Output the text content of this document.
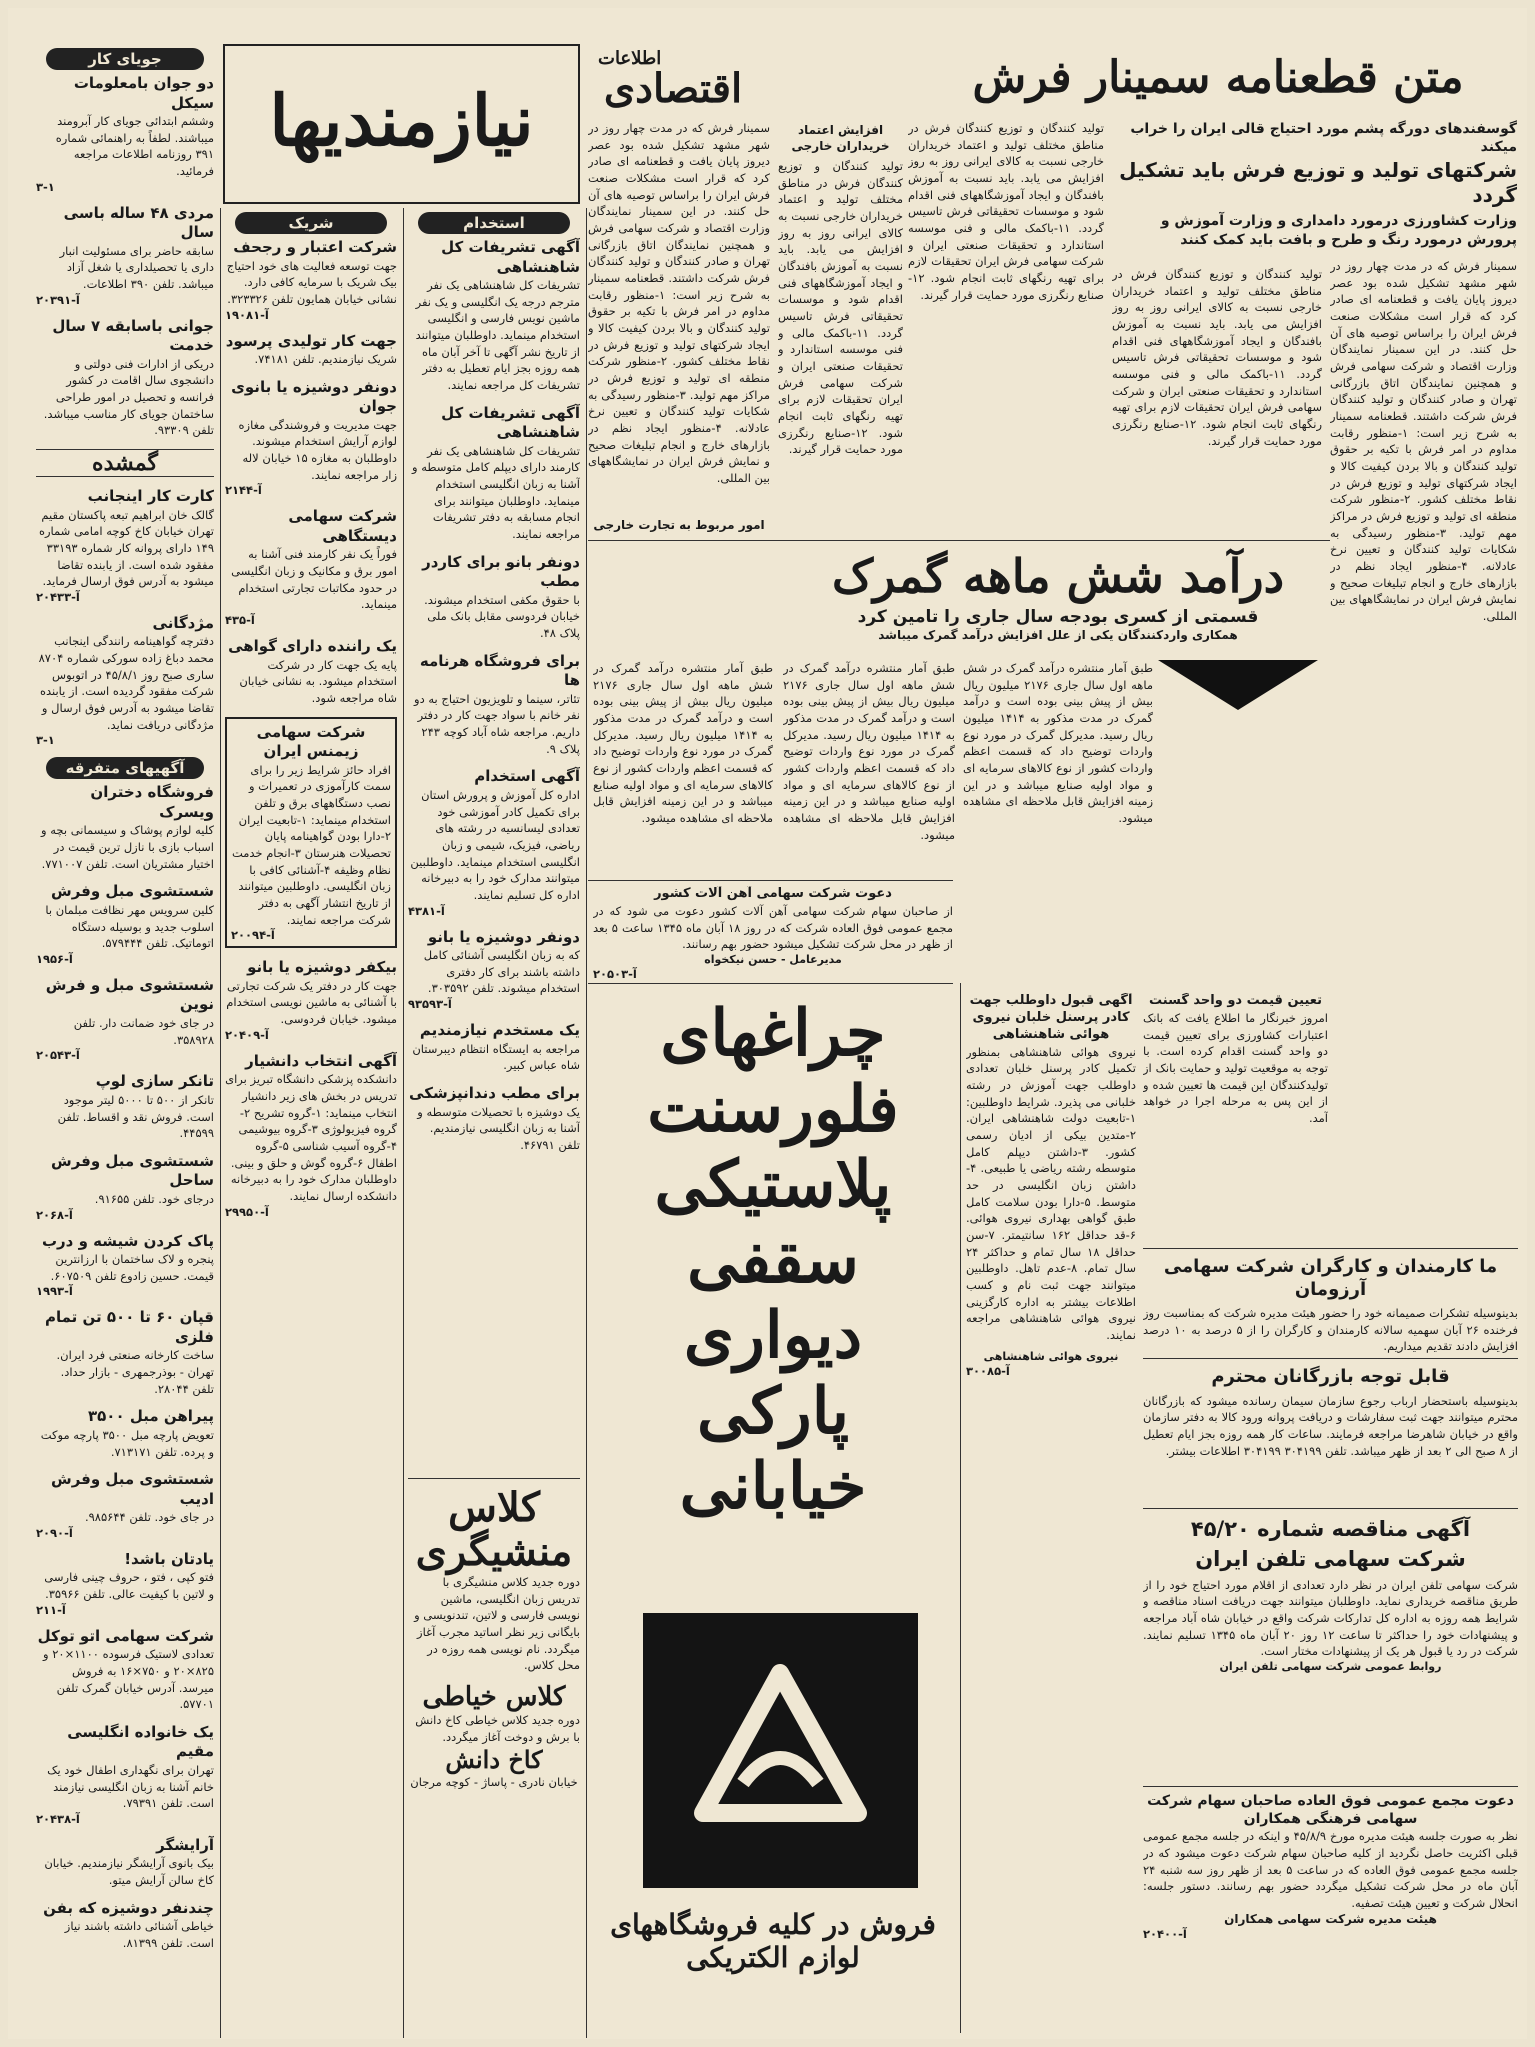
متن قطعنامه سمینار فرش
گوسفندهای دورگه پشم مورد احتیاج قالی ایران را خراب میکند
شرکتهای تولید و توزیع فرش باید تشکیل گردد
وزارت کشاورزی درمورد دامداری و وزارت آموزش و پرورش درمورد رنگ و طرح و بافت باید کمک کنند
سمینار فرش که در مدت چهار روز در شهر مشهد تشکیل شده بود عصر دیروز پایان یافت و قطعنامه ای صادر کرد که قرار است مشکلات صنعت فرش ایران را براساس توصیه های آن حل کنند. در این سمینار نمایندگان وزارت اقتصاد و شرکت سهامی فرش و همچنین نمایندگان اتاق بازرگانی تهران و صادر کنندگان و تولید کنندگان فرش شرکت داشتند. قطعنامه سمینار به شرح زیر است: ۱-منظور رقابت مداوم در امر فرش با تکیه بر حقوق تولید کنندگان و بالا بردن کیفیت کالا و ایجاد شرکتهای تولید و توزیع فرش در نقاط مختلف کشور. ۲-منظور شرکت منطقه ای تولید و توزیع فرش در مراکز مهم تولید. ۳-منظور رسیدگی به شکایات تولید کنندگان و تعیین نرخ عادلانه. ۴-منظور ایجاد نظم در بازارهای خارج و انجام تبلیغات صحیح و نمایش فرش ایران در نمایشگاههای بین المللی.
تولید کنندگان و توزیع کنندگان فرش در مناطق مختلف تولید و اعتماد خریداران خارجی نسبت به کالای ایرانی روز به روز افزایش می یابد. باید نسبت به آموزش بافندگان و ایجاد آموزشگاههای فنی اقدام شود و موسسات تحقیقاتی فرش تاسیس گردد. ۱۱-باکمک مالی و فنی موسسه استاندارد و تحقیقات صنعتی ایران و شرکت سهامی فرش ایران تحقیقات لازم برای تهیه رنگهای ثابت انجام شود. ۱۲-صنایع رنگرزی مورد حمایت قرار گیرند.
تولید کنندگان و توزیع کنندگان فرش در مناطق مختلف تولید و اعتماد خریداران خارجی نسبت به کالای ایرانی روز به روز افزایش می یابد. باید نسبت به آموزش بافندگان و ایجاد آموزشگاههای فنی اقدام شود و موسسات تحقیقاتی فرش تاسیس گردد. ۱۱-باکمک مالی و فنی موسسه استاندارد و تحقیقات صنعتی ایران و شرکت سهامی فرش ایران تحقیقات لازم برای تهیه رنگهای ثابت انجام شود. ۱۲-صنایع رنگرزی مورد حمایت قرار گیرند.
افزایش اعتماد خریداران خارجی
تولید کنندگان و توزیع کنندگان فرش در مناطق مختلف تولید و اعتماد خریداران خارجی نسبت به کالای ایرانی روز به روز افزایش می یابد. باید نسبت به آموزش بافندگان و ایجاد آموزشگاههای فنی اقدام شود و موسسات تحقیقاتی فرش تاسیس گردد. ۱۱-باکمک مالی و فنی موسسه استاندارد و تحقیقات صنعتی ایران و شرکت سهامی فرش ایران تحقیقات لازم برای تهیه رنگهای ثابت انجام شود. ۱۲-صنایع رنگرزی مورد حمایت قرار گیرند.
سمینار فرش که در مدت چهار روز در شهر مشهد تشکیل شده بود عصر دیروز پایان یافت و قطعنامه ای صادر کرد که قرار است مشکلات صنعت فرش ایران را براساس توصیه های آن حل کنند. در این سمینار نمایندگان وزارت اقتصاد و شرکت سهامی فرش و همچنین نمایندگان اتاق بازرگانی تهران و صادر کنندگان و تولید کنندگان فرش شرکت داشتند. قطعنامه سمینار به شرح زیر است: ۱-منظور رقابت مداوم در امر فرش با تکیه بر حقوق تولید کنندگان و بالا بردن کیفیت کالا و ایجاد شرکتهای تولید و توزیع فرش در نقاط مختلف کشور. ۲-منظور شرکت منطقه ای تولید و توزیع فرش در مراکز مهم تولید. ۳-منظور رسیدگی به شکایات تولید کنندگان و تعیین نرخ عادلانه. ۴-منظور ایجاد نظم در بازارهای خارج و انجام تبلیغات صحیح و نمایش فرش ایران در نمایشگاههای بین المللی.
امور مربوط به تجارت خارجی
اطلاعات
اقتصادی
نیازمندیها
درآمد شش ماهه گمرک
قسمتی از کسری بودجه سال جاری را تامین کرد
همکاری واردکنندگان یکی از علل افزایش درآمد گمرک میباشد
طبق آمار منتشره درآمد گمرک در شش ماهه اول سال جاری ۲۱۷۶ میلیون ریال بیش از پیش بینی بوده است و درآمد گمرک در مدت مذکور به ۱۴۱۴ میلیون ریال رسید. مدیرکل گمرک در مورد نوع واردات توضیح داد که قسمت اعظم واردات کشور از نوع کالاهای سرمایه ای و مواد اولیه صنایع میباشد و در این زمینه افزایش قابل ملاحظه ای مشاهده میشود.
طبق آمار منتشره درآمد گمرک در شش ماهه اول سال جاری ۲۱۷۶ میلیون ریال بیش از پیش بینی بوده است و درآمد گمرک در مدت مذکور به ۱۴۱۴ میلیون ریال رسید. مدیرکل گمرک در مورد نوع واردات توضیح داد که قسمت اعظم واردات کشور از نوع کالاهای سرمایه ای و مواد اولیه صنایع میباشد و در این زمینه افزایش قابل ملاحظه ای مشاهده میشود.
طبق آمار منتشره درآمد گمرک در شش ماهه اول سال جاری ۲۱۷۶ میلیون ریال بیش از پیش بینی بوده است و درآمد گمرک در مدت مذکور به ۱۴۱۴ میلیون ریال رسید. مدیرکل گمرک در مورد نوع واردات توضیح داد که قسمت اعظم واردات کشور از نوع کالاهای سرمایه ای و مواد اولیه صنایع میباشد و در این زمینه افزایش قابل ملاحظه ای مشاهده میشود.
دعوت شرکت سهامی آهن آلات کشور
از صاحبان سهام شرکت سهامی آهن آلات کشور دعوت می شود که در مجمع عمومی فوق العاده شرکت که در روز ۱۸ آبان ماه ۱۳۴۵ ساعت ۵ بعد از ظهر در محل شرکت تشکیل میشود حضور بهم رسانند.
مدیرعامل - حسن نیکخواه
آ-۲۰۵۰۳
چراغهای
فلورسنت
پلاستیکی
سقفی
دیواری
پارکی
خیابانی
فروش در کلیه فروشگاههای
لوازم الکتریکی
آگهی قبول داوطلب جهت کادر پرسنل خلبان نیروی هوائی شاهنشاهی
نیروی هوائی شاهنشاهی بمنظور تکمیل کادر پرسنل خلبان تعدادی داوطلب جهت آموزش در رشته خلبانی می پذیرد. شرایط داوطلبین: ۱-تابعیت دولت شاهنشاهی ایران. ۲-متدین بیکی از ادیان رسمی کشور. ۳-داشتن دیپلم کامل متوسطه رشته ریاضی یا طبیعی. ۴-داشتن زبان انگلیسی در حد متوسط. ۵-دارا بودن سلامت کامل طبق گواهی بهداری نیروی هوائی. ۶-قد حداقل ۱۶۲ سانتیمتر. ۷-سن حداقل ۱۸ سال تمام و حداکثر ۲۴ سال تمام. ۸-عدم تاهل. داوطلبین میتوانند جهت ثبت نام و کسب اطلاعات بیشتر به اداره کارگزینی نیروی هوائی شاهنشاهی مراجعه نمایند.
نیروی هوائی شاهنشاهی
آ-۳۰۰۸۵
تعیین قیمت دو واحد گسنت
امروز خبرنگار ما اطلاع یافت که بانک اعتبارات کشاورزی برای تعیین قیمت دو واحد گسنت اقدام کرده است. با توجه به موقعیت تولید و حمایت بانک از تولیدکنندگان این قیمت ها تعیین شده و از این پس به مرحله اجرا در خواهد آمد.
ما کارمندان و کارگران شرکت سهامی آرزومان
بدینوسیله تشکرات صمیمانه خود را حضور هیئت مدیره شرکت که بمناسبت روز فرخنده ۲۶ آبان سهمیه سالانه کارمندان و کارگران را از ۵ درصد به ۱۰ درصد افزایش دادند تقدیم میداریم.
قابل توجه بازرگانان محترم
بدینوسیله باستحضار ارباب رجوع سازمان سیمان رسانده میشود که بازرگانان محترم میتوانند جهت ثبت سفارشات و دریافت پروانه ورود کالا به دفتر سازمان واقع در خیابان شاهرضا مراجعه فرمایند. ساعات کار همه روزه بجز ایام تعطیل از ۸ صبح الی ۲ بعد از ظهر میباشد. تلفن ۳۰۴۱۹۹ ۳۰۴۱۹۹ اطلاعات بیشتر.
آگهی مناقصه شماره ۴۵/۲۰
شرکت سهامی تلفن ایران
شرکت سهامی تلفن ایران در نظر دارد تعدادی از اقلام مورد احتیاج خود را از طریق مناقصه خریداری نماید. داوطلبان میتوانند جهت دریافت اسناد مناقصه و شرایط همه روزه به اداره کل تدارکات شرکت واقع در خیابان شاه آباد مراجعه و پیشنهادات خود را حداکثر تا ساعت ۱۲ روز ۲۰ آبان ماه ۱۳۴۵ تسلیم نمایند. شرکت در رد یا قبول هر یک از پیشنهادات مختار است.
روابط عمومی شرکت سهامی تلفن ایران
دعوت مجمع عمومی فوق العاده صاحبان سهام شرکت سهامی فرهنگی همکاران
نظر به صورت جلسه هیئت مدیره مورخ ۴۵/۸/۹ و اینکه در جلسه مجمع عمومی قبلی اکثریت حاصل نگردید از کلیه صاحبان سهام شرکت دعوت میشود که در جلسه مجمع عمومی فوق العاده که در ساعت ۵ بعد از ظهر روز سه شنبه ۲۴ آبان ماه در محل شرکت تشکیل میگردد حضور بهم رسانند. دستور جلسه: انحلال شرکت و تعیین هیئت تصفیه.
هیئت مدیره شرکت سهامی همکاران
آ-۲۰۴۰۰
استخدام
آگهی تشریفات کل شاهنشاهی
تشریفات کل شاهنشاهی یک نفر مترجم درجه یک انگلیسی و یک نفر ماشین نویس فارسی و انگلیسی استخدام مینماید. داوطلبان میتوانند از تاریخ نشر آگهی تا آخر آبان ماه همه روزه بجز ایام تعطیل به دفتر تشریفات کل مراجعه نمایند.
آگهی تشریفات کل شاهنشاهی
تشریفات کل شاهنشاهی یک نفر کارمند دارای دیپلم کامل متوسطه و آشنا به زبان انگلیسی استخدام مینماید. داوطلبان میتوانند برای انجام مسابقه به دفتر تشریفات مراجعه نمایند.
دونفر بانو برای کاردر مطب
با حقوق مکفی استخدام میشوند. خیابان فردوسی مقابل بانک ملی پلاک ۴۸.
برای فروشگاه هرنامه ها
تئاتر، سینما و تلویزیون احتیاج به دو نفر خانم با سواد جهت کار در دفتر داریم. مراجعه شاه آباد کوچه ۲۴۳ پلاک ۹.
آگهی استخدام
اداره کل آموزش و پرورش استان برای تکمیل کادر آموزشی خود تعدادی لیسانسیه در رشته های ریاضی، فیزیک، شیمی و زبان انگلیسی استخدام مینماید. داوطلبین میتوانند مدارک خود را به دبیرخانه اداره کل تسلیم نمایند.
آ-۴۳۸۱
دونفر دوشیزه یا بانو
که به زبان انگلیسی آشنائی کامل داشته باشند برای کار دفتری استخدام میشوند. تلفن ۳۰۳۵۹۲.
آ-۹۳۵۹۳
یک مستخدم نیازمندیم
مراجعه به ایستگاه انتظام دیبرستان شاه عباس کبیر.
برای مطب دندانپزشکی
یک دوشیزه با تحصیلات متوسطه و آشنا به زبان انگلیسی نیازمندیم. تلفن ۴۶۷۹۱.
کلاس
منشیگری
دوره جدید کلاس منشیگری با تدریس زبان انگلیسی، ماشین نویسی فارسی و لاتین، تندنویسی و بایگانی زیر نظر اساتید مجرب آغاز میگردد. نام نویسی همه روزه در محل کلاس.
کلاس خیاطی
دوره جدید کلاس خیاطی کاخ دانش با برش و دوخت آغاز میگردد.
کاخ دانش
خیابان نادری - پاساژ - کوچه مرجان
شریک
شرکت اعتبار و رجحف
جهت توسعه فعالیت های خود احتیاج بیک شریک با سرمایه کافی دارد. نشانی خیابان همایون تلفن ۳۲۳۳۲۶.
آ-۱۹۰۸۱
جهت کار تولیدی پرسود
شریک نیازمندیم. تلفن ۷۴۱۸۱.
دونفر دوشیزه یا بانوی جوان
جهت مدیریت و فروشندگی مغازه لوازم آرایش استخدام میشوند. داوطلبان به مغازه ۱۵ خیابان لاله زار مراجعه نمایند.
آ-۲۱۴۴
شرکت سهامی دیستگاهی
فوراً یک نفر کارمند فنی آشنا به امور برق و مکانیک و زبان انگلیسی در حدود مکاتبات تجارتی استخدام مینماید.
آ-۴۳۵
یک راننده دارای گواهی
پایه یک جهت کار در شرکت استخدام میشود. به نشانی خیابان شاه مراجعه شود.
شرکت سهامی زیمنس ایران
افراد حائز شرایط زیر را برای سمت کارآموزی در تعمیرات و نصب دستگاههای برق و تلفن استخدام مینماید: ۱-تابعیت ایران ۲-دارا بودن گواهینامه پایان تحصیلات هنرستان ۳-انجام خدمت نظام وظیفه ۴-آشنائی کافی با زبان انگلیسی. داوطلبین میتوانند از تاریخ انتشار آگهی به دفتر شرکت مراجعه نمایند.
آ-۲۰۰۹۴
بیکفر دوشیزه یا بانو
جهت کار در دفتر یک شرکت تجارتی با آشنائی به ماشین نویسی استخدام میشود. خیابان فردوسی.
آ-۲۰۴۰۹
آگهی انتخاب دانشیار
دانشکده پزشکی دانشگاه تبریز برای تدریس در بخش های زیر دانشیار انتخاب مینماید: ۱-گروه تشریح ۲-گروه فیزیولوژی ۳-گروه بیوشیمی ۴-گروه آسیب شناسی ۵-گروه اطفال ۶-گروه گوش و حلق و بینی. داوطلبان مدارک خود را به دبیرخانه دانشکده ارسال نمایند.
آ-۲۹۹۵۰
جویای کار
دو جوان بامعلومات سیکل
وششم ابتدائی جویای کار آبرومند میباشند. لطفاً به راهنمائی شماره ۳۹۱ روزنامه اطلاعات مراجعه فرمائید.
۳-۱
مردی ۴۸ ساله باسی سال
سابقه حاضر برای مسئولیت انبار داری یا تحصیلداری یا شغل آزاد میباشد. تلفن ۳۹۰ اطلاعات.
آ-۲۰۳۹۱
جوانی باسابقه ۷ سال خدمت
دریکی از ادارات فنی دولتی و دانشجوی سال اقامت در کشور فرانسه و تحصیل در امور طراحی ساختمان جویای کار مناسب میباشد. تلفن ۹۳۳۰۹.
گمشده
کارت کار اینجانب
گالک خان ابراهیم تبعه پاکستان مقیم تهران خیابان کاخ کوچه امامی شماره ۱۴۹ دارای پروانه کار شماره ۳۳۱۹۳ مفقود شده است. از یابنده تقاضا میشود به آدرس فوق ارسال فرماید.
آ-۲۰۴۳۳
مژدگانی
دفترچه گواهینامه رانندگی اینجانب محمد دباغ زاده سورکی شماره ۸۷۰۴ ساری صبح روز ۴۵/۸/۱ در اتوبوس شرکت مفقود گردیده است. از یابنده تقاضا میشود به آدرس فوق ارسال و مژدگانی دریافت نماید.
۳-۱
آگهیهای متفرقه
فروشگاه دختران ویسرک
کلیه لوازم پوشاک و سیسمانی بچه و اسباب بازی با نازل ترین قیمت در اختیار مشتریان است. تلفن ۷۷۱۰۰۷.
شستشوی مبل وفرش
کلین سرویس مهر نظافت مبلمان با اسلوب جدید و بوسیله دستگاه اتوماتیک. تلفن ۵۷۹۴۴۴.
آ-۱۹۵۶
شستشوی مبل و فرش نوین
در جای خود ضمانت دار. تلفن ۳۵۸۹۲۸.
آ-۲۰۵۴۳
تانکر سازی لوپ
تانکر از ۵۰۰ تا ۵۰۰۰ لیتر موجود است. فروش نقد و اقساط. تلفن ۴۴۵۹۹.
شستشوی مبل وفرش ساحل
درجای خود. تلفن ۹۱۶۵۵.
آ-۲۰۶۸
پاک کردن شیشه و درب
پنجره و لاک ساختمان با ارزانترین قیمت. حسین زادوع تلفن ۶۰۷۵۰۹.
آ-۱۹۹۳
قپان ۶۰ تا ۵۰۰ تن تمام فلزی
ساخت کارخانه صنعتی فرد ایران. تهران - بوذرجمهری - بازار حداد. تلفن ۲۸۰۴۴.
پیراهن مبل ۳۵۰۰
تعویض پارچه مبل ۳۵۰۰ پارچه موکت و پرده. تلفن ۷۱۳۱۷۱.
شستشوی مبل وفرش ادیب
در جای خود. تلفن ۹۸۵۶۴۴.
آ-۲۰۹۰
یادتان باشد!
فتو کپی ، فتو ، حروف چینی فارسی و لاتین با کیفیت عالی. تلفن ۳۵۹۶۶.
آ-۲۱۱
شرکت سهامی اتو توکل
تعدادی لاستیک فرسوده ۱۱۰۰×۲۰ و ۸۲۵×۲۰ و ۷۵۰×۱۶ به فروش میرسد. آدرس خیابان گمرک تلفن ۵۷۷۰۱.
یک خانواده انگلیسی مقیم
تهران برای نگهداری اطفال خود یک خانم آشنا به زبان انگلیسی نیازمند است. تلفن ۷۹۳۹۱.
آ-۲۰۴۳۸
آرایشگر
بیک بانوی آرایشگر نیازمندیم. خیابان کاخ سالن آرایش میتو.
چندنفر دوشیزه که بفن
خیاطی آشنائی داشته باشند نیاز است. تلفن ۸۱۳۹۹.
